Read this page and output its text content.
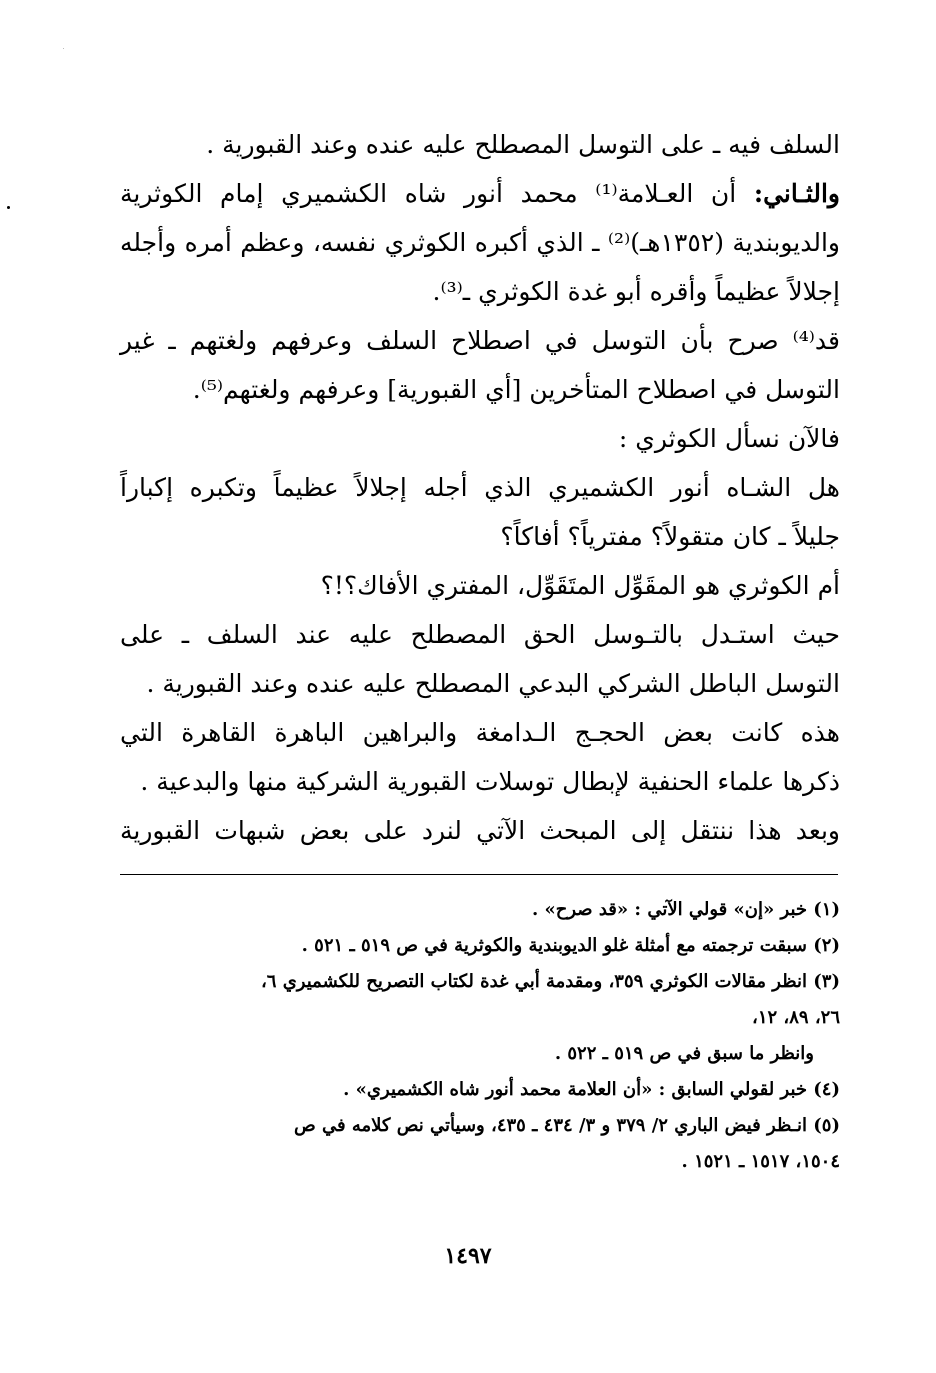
السلف فيه ـ على التوسل المصطلح عليه عنده وعند القبورية .

والثـاني: أن العـلامة⁽¹⁾ محمد أنور شاه الكشميري إمام الكوثرية

والديوبندية (١٣٥٢هـ)⁽²⁾ ـ الذي أكبره الكوثري نفسه، وعظم أمره وأجله

إجلالاً عظيماً وأقره أبو غدة الكوثري ـ⁽³⁾.

قد⁽⁴⁾ صرح بأن التوسل في اصطلاح السلف وعرفهم ولغتهم ـ غير

التوسل في اصطلاح المتأخرين [أي القبورية] وعرفهم ولغتهم⁽⁵⁾.

فالآن نسأل الكوثري :

هل الشـاه أنور الكشميري الذي أجله إجلالاً عظيماً وتكبره إكباراً

جليلاً ـ كان متقولاً؟ مفترياً؟ أفاكاً؟

أم الكوثري هو المقَوِّل المتَقَوِّل، المفتري الأفاك؟!؟

حيث استـدل بالتـوسل الحق المصطلح عليه عند السلف ـ على

التوسل الباطل الشركي البدعي المصطلح عليه عنده وعند القبورية .

هذه كانت بعض الحجـج الـدامغة والبراهين الباهرة القاهرة التي

ذكرها علماء الحنفية لإبطال توسلات القبورية الشركية منها والبدعية .

وبعد هذا ننتقل إلى المبحث الآتي لنرد على بعض شبهات القبورية

(١) خبر «إن» قولي الآتي : «قد صرح» .

(٢) سبقت ترجمته مع أمثلة غلو الديوبندية والكوثرية في ص ٥١٩ ـ ٥٢١ .

(٣) انظر مقالات الكوثري ٣٥٩، ومقدمة أبي غدة لكتاب التصريح للكشميري ٦،

٢٦، ٨٩، ١٢،

وانظر ما سبق في ص ٥١٩ ـ ٥٢٢ .

(٤) خبر لقولي السابق : «أن العلامة محمد أنور شاه الكشميري» .

(٥) انـظر فيض الباري ٢/ ٣٧٩ و ٣/ ٤٣٤ ـ ٤٣٥، وسيأتي نص كلامه في ص

١٥٠٤، ١٥١٧ ـ ١٥٢١ .

١٤٩٧
